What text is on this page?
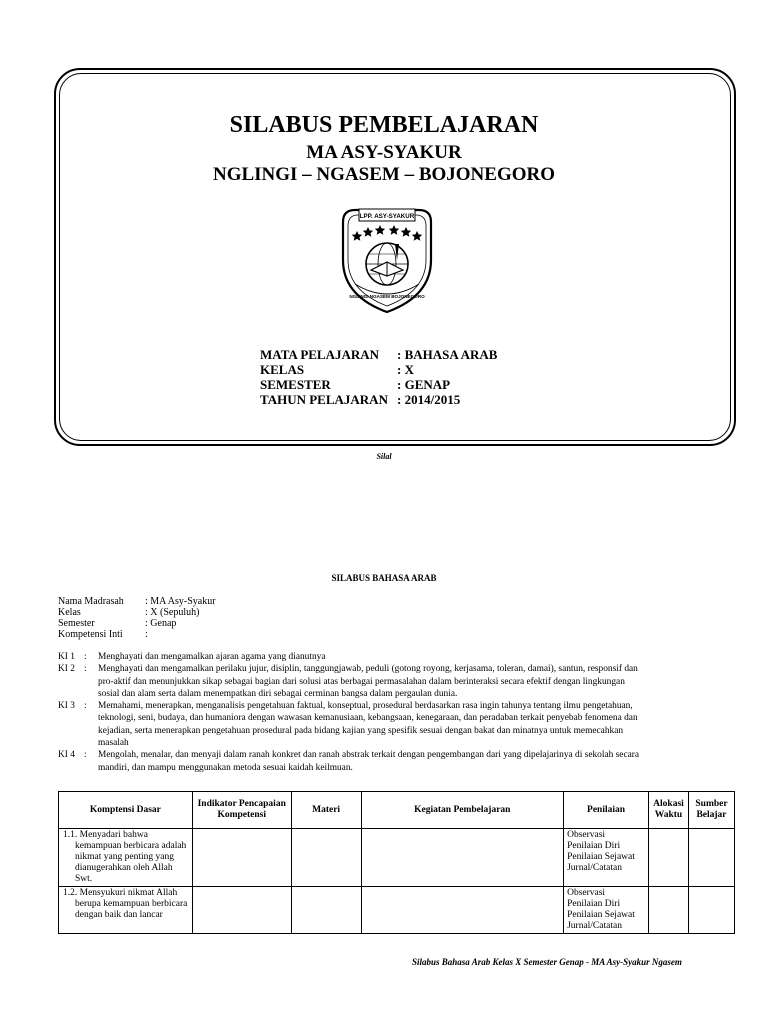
SILABUS PEMBELAJARAN
MA ASY-SYAKUR
NGLINGI – NGASEM – BOJONEGORO
LPP. ASY-SYAKUR
NGLINGI NGASEM BOJONEGORO
MATA PELAJARAN	: BAHASA ARAB
KELAS	: X
SEMESTER	: GENAP
TAHUN PELAJARAN : 2014/2015
Silal
SILABUS BAHASA ARAB
Nama Madrasah	: MA Asy-Syakur
Kelas	: X (Sepuluh)
Semester	: Genap
Kompetensi Inti	:
KI 1 :	Menghayati dan mengamalkan ajaran agama yang dianutnya
KI 2 :	Menghayati dan mengamalkan perilaku jujur, disiplin, tanggungjawab, peduli (gotong royong, kerjasama, toleran, damai), santun, responsif dan pro-aktif dan menunjukkan sikap sebagai bagian dari solusi atas berbagai permasalahan dalam berinteraksi secara efektif dengan lingkungan sosial dan alam serta dalam menempatkan diri sebagai cerminan bangsa dalam pergaulan dunia.
KI 3 :	Memahami, menerapkan, menganalisis pengetahuan faktual, konseptual, prosedural berdasarkan rasa ingin tahunya tentang ilmu pengetahuan, teknologi, seni, budaya, dan humaniora dengan wawasan kemanusiaan, kebangsaan, kenegaraan, dan peradaban terkait penyebab fenomena dan kejadian, serta menerapkan pengetahuan prosedural pada bidang kajian yang spesifik sesuai dengan bakat dan minatnya untuk memecahkan masalah
KI 4 :	Mengolah, menalar, dan menyaji dalam ranah konkret dan ranah abstrak terkait dengan pengembangan dari yang dipelajarinya di sekolah secara mandiri, dan mampu menggunakan metoda sesuai kaidah keilmuan.
Komptensi Dasar	Indikator Pencapaian Kompetensi	Materi	Kegiatan Pembelajaran	Penilaian	Alokasi Waktu	Sumber Belajar

1.1. Menyadari bahwa kemampuan berbicara adalah nikmat yang penting yang dianugerahkan oleh Allah Swt.				Observasi
Penilaian Diri
Penilaian Sejawat
Jurnal/Catatan		

1.2. Mensyukuri nikmat Allah berupa kemampuan berbicara dengan baik dan lancar				Observasi
Penilaian Diri
Penilaian Sejawat
Jurnal/Catatan		

Silabus Bahasa Arab Kelas X Semester Genap - MA Asy-Syakur Ngasem
